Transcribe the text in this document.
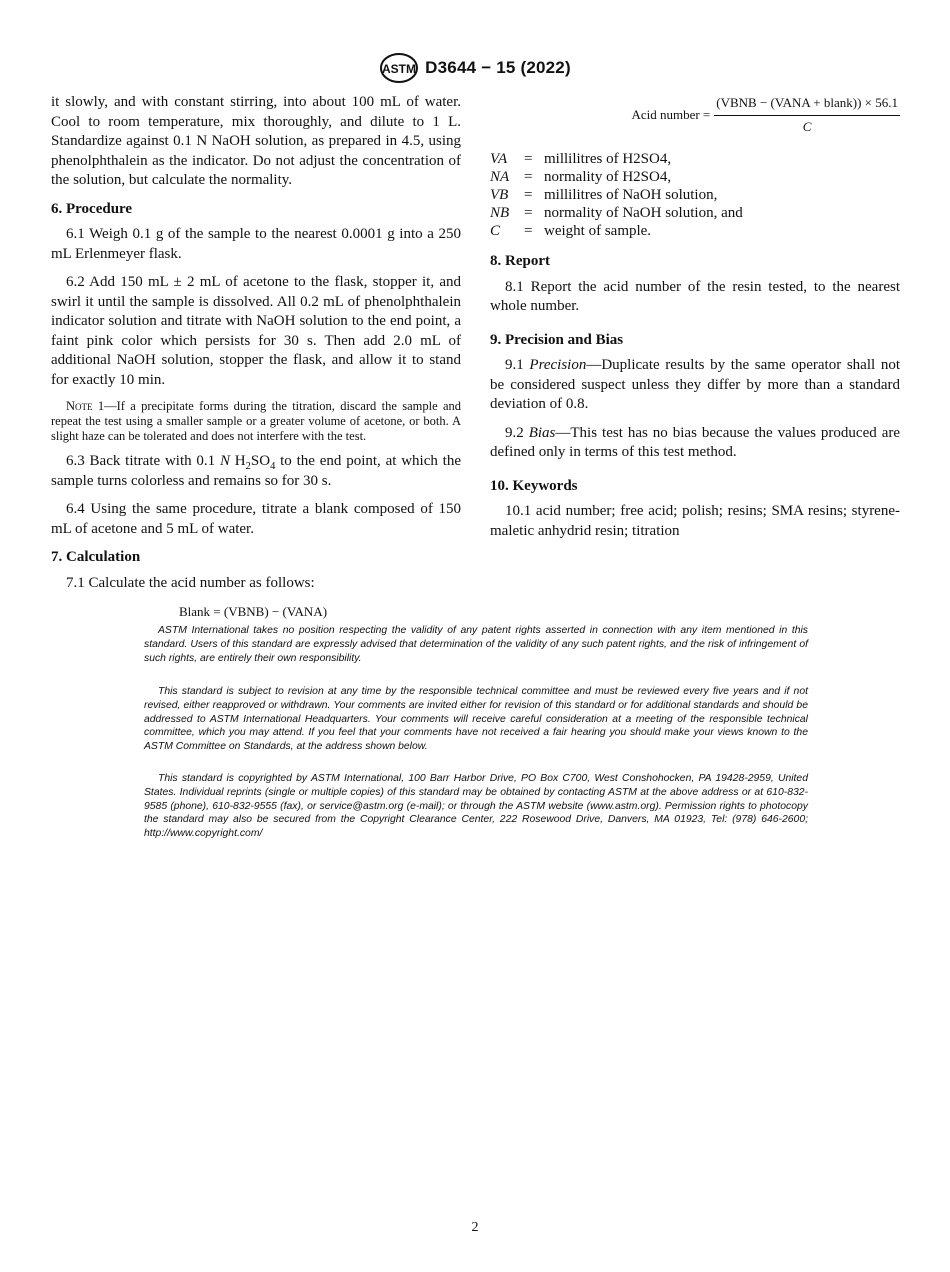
ASTM D3644 − 15 (2022)

it slowly, and with constant stirring, into about 100 mL of water. Cool to room temperature, mix thoroughly, and dilute to 1 L. Standardize against 0.1 N NaOH solution, as prepared in 4.5, using phenolphthalein as the indicator. Do not adjust the concentration of the solution, but calculate the normality.

6. Procedure

6.1 Weigh 0.1 g of the sample to the nearest 0.0001 g into a 250 mL Erlenmeyer flask.

6.2 Add 150 mL ± 2 mL of acetone to the flask, stopper it, and swirl it until the sample is dissolved. All 0.2 mL of phenolphthalein indicator solution and titrate with NaOH solution to the end point, a faint pink color which persists for 30 s. Then add 2.0 mL of additional NaOH solution, stopper the flask, and allow it to stand for exactly 10 min.

Note 1—If a precipitate forms during the titration, discard the sample and repeat the test using a smaller sample or a greater volume of acetone, or both. A slight haze can be tolerated and does not interfere with the test.

6.3 Back titrate with 0.1 N $H_2SO_4$ to the end point, at which the sample turns colorless and remains so for 30 s.

6.4 Using the same procedure, titrate a blank composed of 150 mL of acetone and 5 mL of water.

7. Calculation

7.1 Calculate the acid number as follows:

Blank = (VBNB) − (VANA)
Acid number = $\frac{\text{(VBNB − (VANA + blank)) × 56.1}}{C}$
VA	= millilitres of H2SO4,
NA = normality of H2SO4,
VB	= millilitres of NaOH solution,
NB = normality of NaOH solution, and
C	= weight of sample.
8. Report

8.1 Report the acid number of the resin tested, to the nearest whole number.

9. Precision and Bias

9.1 Precision—Duplicate results by the same operator shall not be considered suspect unless they differ by more than a standard deviation of 0.8.

9.2 Bias—This test has no bias because the values produced are defined only in terms of this test method.

10. Keywords

10.1 acid number; free acid; polish; resins; SMA resins; styrene-maletic anhydrid resin; titration

ASTM International takes no position respecting the validity of any patent rights asserted in connection with any item mentioned in this standard. Users of this standard are expressly advised that determination of the validity of any such patent rights, and the risk of infringement of such rights, are entirely their own responsibility.

This standard is subject to revision at any time by the responsible technical committee and must be reviewed every five years and if not revised, either reapproved or withdrawn. Your comments are invited either for revision of this standard or for additional standards and should be addressed to ASTM International Headquarters. Your comments will receive careful consideration at a meeting of the responsible technical committee, which you may attend. If you feel that your comments have not received a fair hearing you should make your views known to the ASTM Committee on Standards, at the address shown below.

This standard is copyrighted by ASTM International, 100 Barr Harbor Drive, PO Box C700, West Conshohocken, PA 19428-2959, United States. Individual reprints (single or multiple copies) of this standard may be obtained by contacting ASTM at the above address or at 610-832-9585 (phone), 610-832-9555 (fax), or service@astm.org (e-mail); or through the ASTM website (www.astm.org). Permission rights to photocopy the standard may also be secured from the Copyright Clearance Center, 222 Rosewood Drive, Danvers, MA 01923, Tel: (978) 646-2600; http://www.copyright.com/

2
